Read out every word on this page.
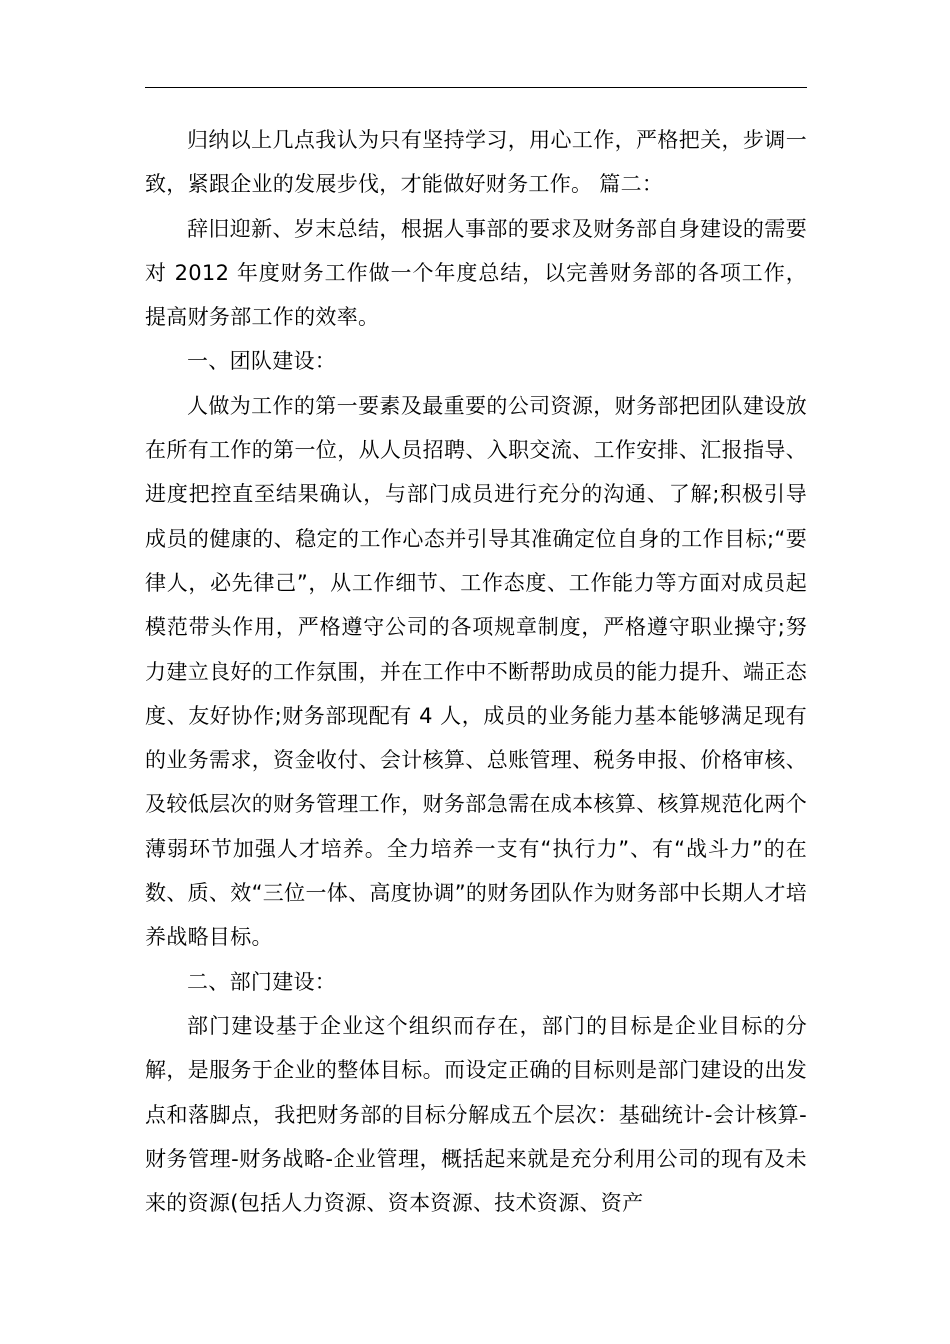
归纳以上几点我认为只有坚持学习，用心工作，严格把关，步调一致，紧跟企业的发展步伐，才能做好财务工作。 篇二：

辞旧迎新、岁末总结，根据人事部的要求及财务部自身建设的需要对 2012 年度财务工作做一个年度总结，以完善财务部的各项工作，提高财务部工作的效率。

一、团队建设：

人做为工作的第一要素及最重要的公司资源，财务部把团队建设放在所有工作的第一位，从人员招聘、入职交流、工作安排、汇报指导、进度把控直至结果确认，与部门成员进行充分的沟通、了解;积极引导成员的健康的、稳定的工作心态并引导其准确定位自身的工作目标;“要律人，必先律己”，从工作细节、工作态度、工作能力等方面对成员起模范带头作用，严格遵守公司的各项规章制度，严格遵守职业操守;努力建立良好的工作氛围，并在工作中不断帮助成员的能力提升、端正态度、友好协作;财务部现配有 4 人，成员的业务能力基本能够满足现有的业务需求，资金收付、会计核算、总账管理、税务申报、价格审核、及较低层次的财务管理工作，财务部急需在成本核算、核算规范化两个薄弱环节加强人才培养。全力培养一支有“执行力”、有“战斗力”的在数、质、效“三位一体、高度协调”的财务团队作为财务部中长期人才培养战略目标。

二、部门建设：

部门建设基于企业这个组织而存在，部门的目标是企业目标的分解，是服务于企业的整体目标。而设定正确的目标则是部门建设的出发点和落脚点，我把财务部的目标分解成五个层次：基础统计-会计核算-财务管理-财务战略-企业管理，概括起来就是充分利用公司的现有及未来的资源(包括人力资源、资本资源、技术资源、资产
